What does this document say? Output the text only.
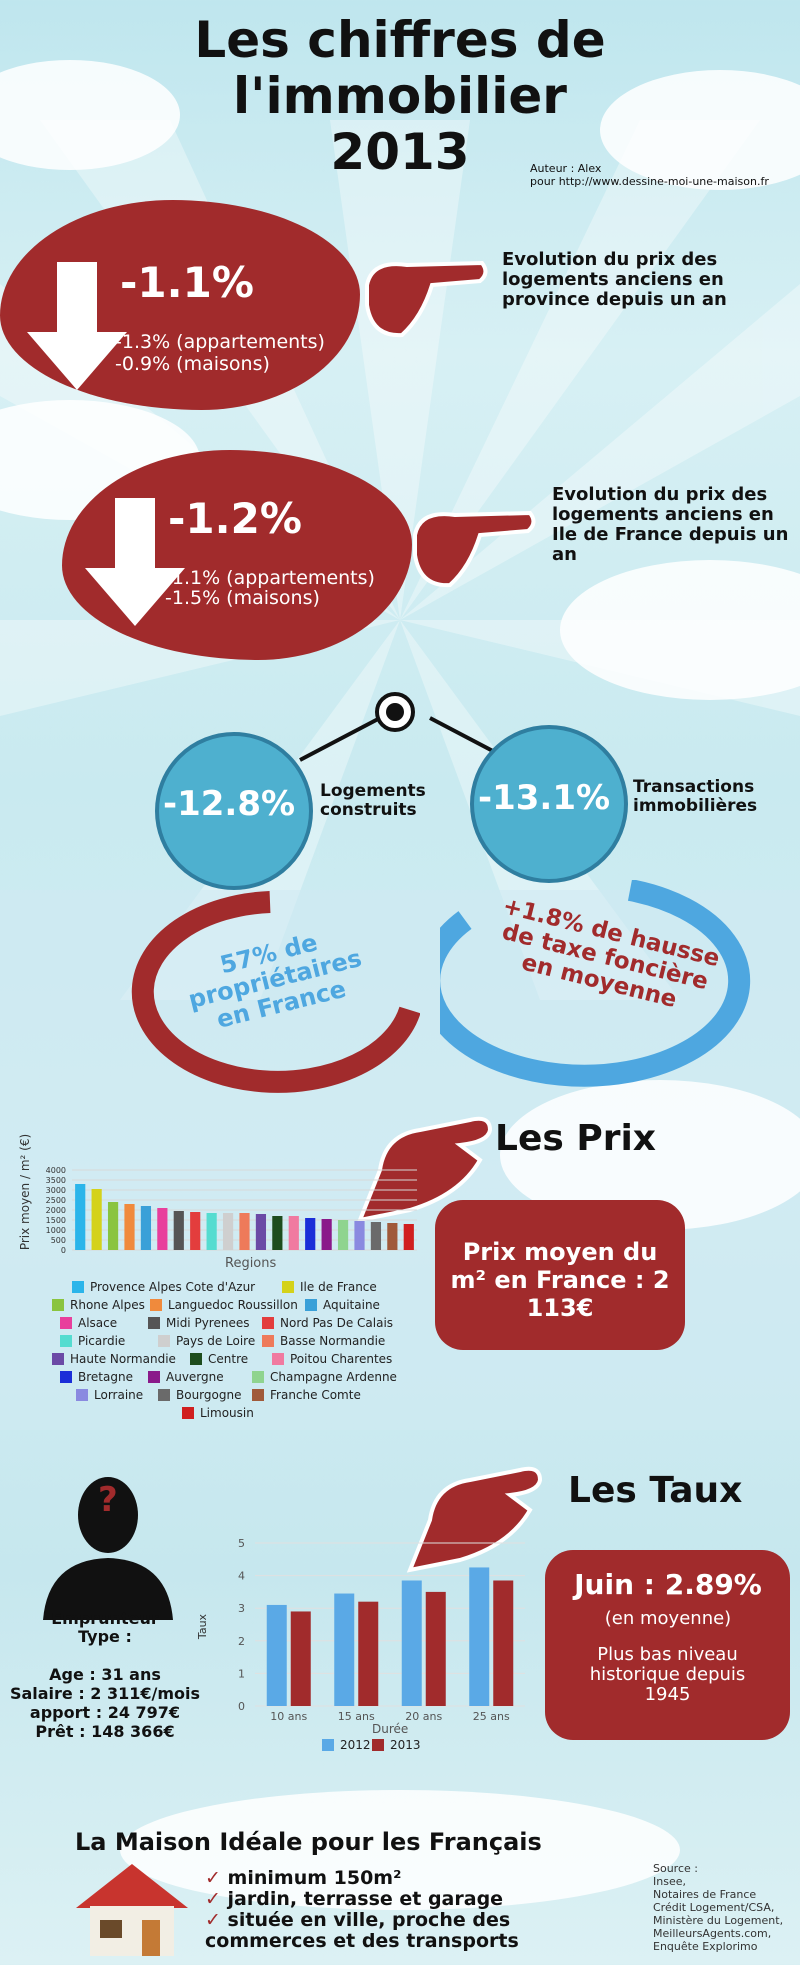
Les chiffres de
l'immobilier
2013	Auteur : Alex
pour http://www.dessine-moi-une-maison.fr
-1.1%
-1.3% (appartements)
-0.9% (maisons)
Evolution du prix des logements anciens en province depuis un an
-1.2%
-1.1% (appartements)
-1.5% (maisons)
Evolution du prix des logements anciens en Ile de France depuis un an
-12.8% Logements construits	-13.1% Transactions immobilières
57% de propriétaires en France
+1.8% de hausse de taxe foncière en moyenne
Les Prix
4000
3500
3000
2500
2000
1500
1000
500
0
Prix moyen / m² (€)
Regions
Provence Alpes Cote d'Azur	Ile de France
Rhone Alpes Languedoc Roussillon Aquitaine
Alsace	Midi Pyrenees	Nord Pas De Calais
Picardie	Pays de Loire Basse Normandie
Haute Normandie	Centre	Poitou Charentes
Bretagne	Auvergne	Champagne Ardenne
Lorraine	Bourgogne Franche Comte
Limousin
Prix moyen du m² en France : 2 113€
Les Taux
?
Emprunteur Type :
Age : 31 ans
Salaire : 2 311€/mois
apport : 24 797€
Prêt : 148 366€
5
4
3
2
1
0
10 ans	15 ans	20 ans	25 ans
Taux
Durée
2012 2013
Juin : 2.89%
(en moyenne)
Plus bas niveau historique depuis 1945
La Maison Idéale pour les Français
✓ minimum 150m²
✓ jardin, terrasse et garage
✓ située en ville, proche des commerces et des transports
Source :
Insee,
Notaires de France
Crédit Logement/CSA,
Ministère du Logement,
MeilleursAgents.com,
Enquête Explorimo
